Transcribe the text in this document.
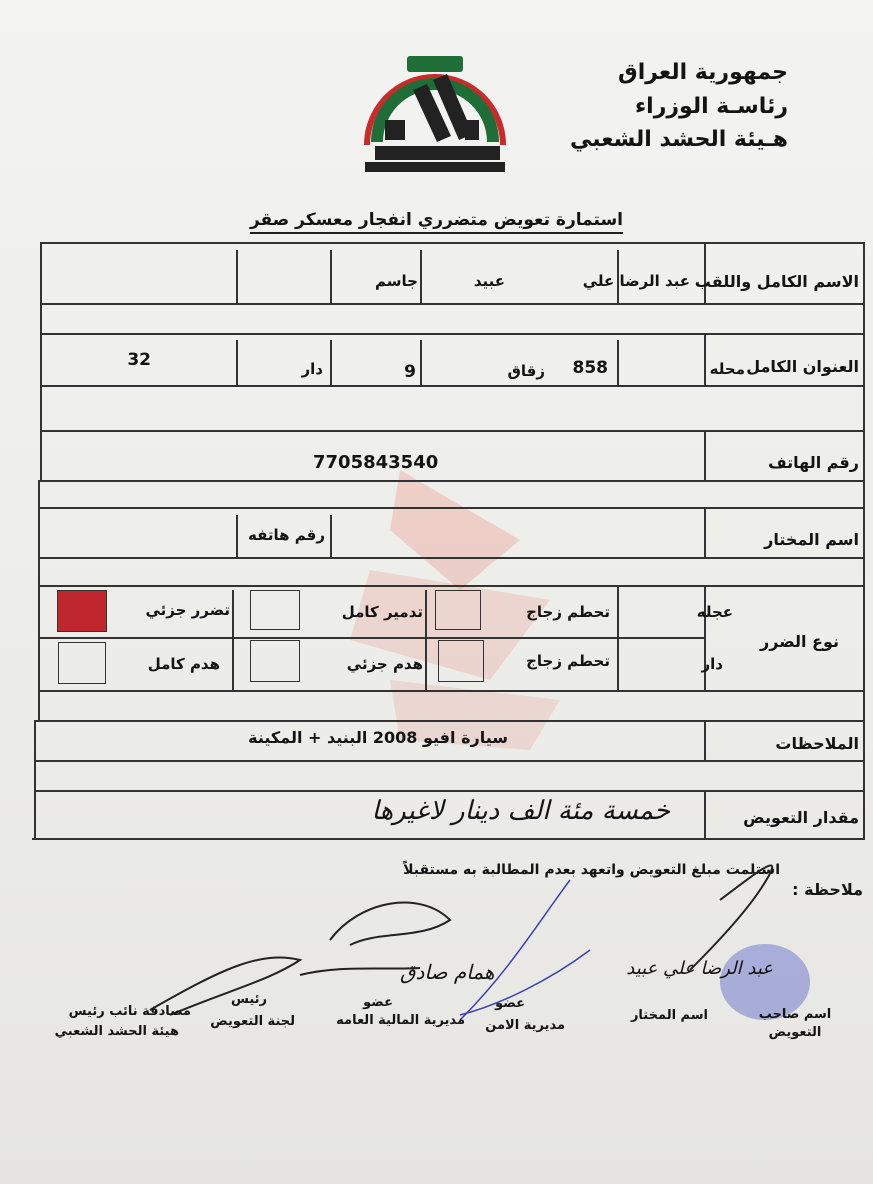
جمهورية العراق
رئاسـة الوزراء
هـيئة الحشد الشعبي
استمارة تعويض متضرري انفجار معسكر صقر
الاسم الكامل واللقب
العنوان الكامل
رقم الهاتف
اسم المختار
نوع الضرر
الملاحظات
مقدار التعويض
عبد الرضا علي
عبيد
جاسم
محله
858
زقاق
9
دار
32
7705843540
رقم هاتفه
عجله
دار
تحطم زجاج
تدمير كامل
تضرر جزئي
تحطم زجاج
هدم جزئي
هدم كامل
سيارة افيو 2008 البنيد + المكينة
خمسة مئة الف دينار لاغيرها
ملاحظة :
استلمت مبلغ التعويض واتعهد بعدم المطالبة به مستقبلاً
همام صادق	عبد الرضا علي عبيد
اسم صاحب التعويض
اسم المختار
عضو
مديرية الامن
عضو
مديرية المالية العامه
رئيس
لجنة التعويض
مصادقة نائب رئيس
هيئة الحشد الشعبي
